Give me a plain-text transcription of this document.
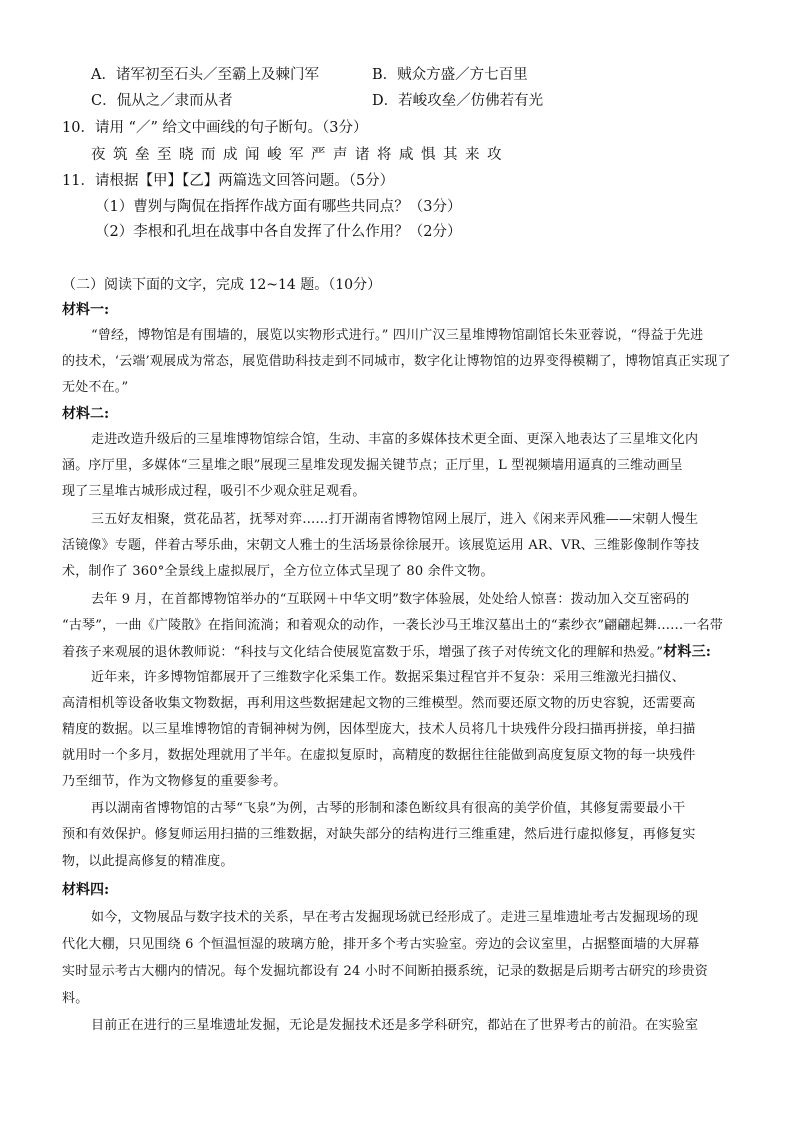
A．诸军初至石头／至霸上及棘门军	B．贼众方盛／方七百里
C．侃从之／隶而从者	D．若峻攻垒／仿佛若有光
10．请用 “／” 给文中画线的句子断句。（3分）
夜筑垒至晓而成闻峻军严声诸将咸惧其来攻
11．请根据【甲】【乙】两篇选文回答问题。（5分）
（1）曹刿与陶侃在指挥作战方面有哪些共同点？（3分）
（2）李根和孔坦在战事中各自发挥了什么作用？（2分）
（二）阅读下面的文字，完成 12~14 题。（10分）
材料一:
“曾经，博物馆是有围墙的，展览以实物形式进行。” 四川广汉三星堆博物馆副馆长朱亚蓉说，“得益于先进
的技术，‘云端’观展成为常态，展览借助科技走到不同城市，数字化让博物馆的边界变得模糊了，博物馆真正实现了
无处不在。”
材料二:
走进改造升级后的三星堆博物馆综合馆，生动、丰富的多媒体技术更全面、更深入地表达了三星堆文化内
涵。序厅里，多媒体“三星堆之眼”展现三星堆发现发掘关键节点；正厅里，L 型视频墙用逼真的三维动画呈
现了三星堆古城形成过程，吸引不少观众驻足观看。
三五好友相聚，赏花品茗，抚琴对弈……打开湖南省博物馆网上展厅，进入《闲来弄风雅——宋朝人慢生
活镜像》专题，伴着古琴乐曲，宋朝文人雅士的生活场景徐徐展开。该展览运用 AR、VR、三维影像制作等技
术，制作了 360°全景线上虚拟展厅，全方位立体式呈现了 80 余件文物。
去年 9 月，在首都博物馆举办的“互联网＋中华文明”数字体验展，处处给人惊喜：拨动加入交互密码的
“古琴”，一曲《广陵散》在指间流淌；和着观众的动作，一袭长沙马王堆汉墓出土的“素纱衣”翩翩起舞……一名带
着孩子来观展的退休教师说：“科技与文化结合使展览富数于乐，增强了孩子对传统文化的理解和热爱。”材料三:
近年来，许多博物馆都展开了三维数字化采集工作。数据采集过程官并不复杂：采用三维激光扫描仪、
高清相机等设备收集文物数据，再利用这些数据建起文物的三维模型。然而要还原文物的历史容貌，还需要高
精度的数据。以三星堆博物馆的青铜神树为例，因体型庞大，技术人员将几十块残件分段扫描再拼接，单扫描
就用时一个多月，数据处理就用了半年。在虚拟复原时，高精度的数据往往能做到高度复原文物的每一块残件
乃至细节，作为文物修复的重要参考。
再以湖南省博物馆的古琴“飞泉”为例，古琴的形制和漆色断纹具有很高的美学价值，其修复需要最小干
预和有效保护。修复师运用扫描的三维数据，对缺失部分的结构进行三维重建，然后进行虚拟修复，再修复实
物，以此提高修复的精准度。
材料四:
如今，文物展品与数字技术的关系，早在考古发掘现场就已经形成了。走进三星堆遗址考古发掘现场的现
代化大棚，只见围绕 6 个恒温恒湿的玻璃方舱，排开多个考古实验室。旁边的会议室里，占据整面墙的大屏幕
实时显示考古大棚内的情况。每个发掘坑都设有 24 小时不间断拍摄系统，记录的数据是后期考古研究的珍贵资
料。
目前正在进行的三星堆遗址发掘，无论是发掘技术还是多学科研究，都站在了世界考古的前沿。在实验室
